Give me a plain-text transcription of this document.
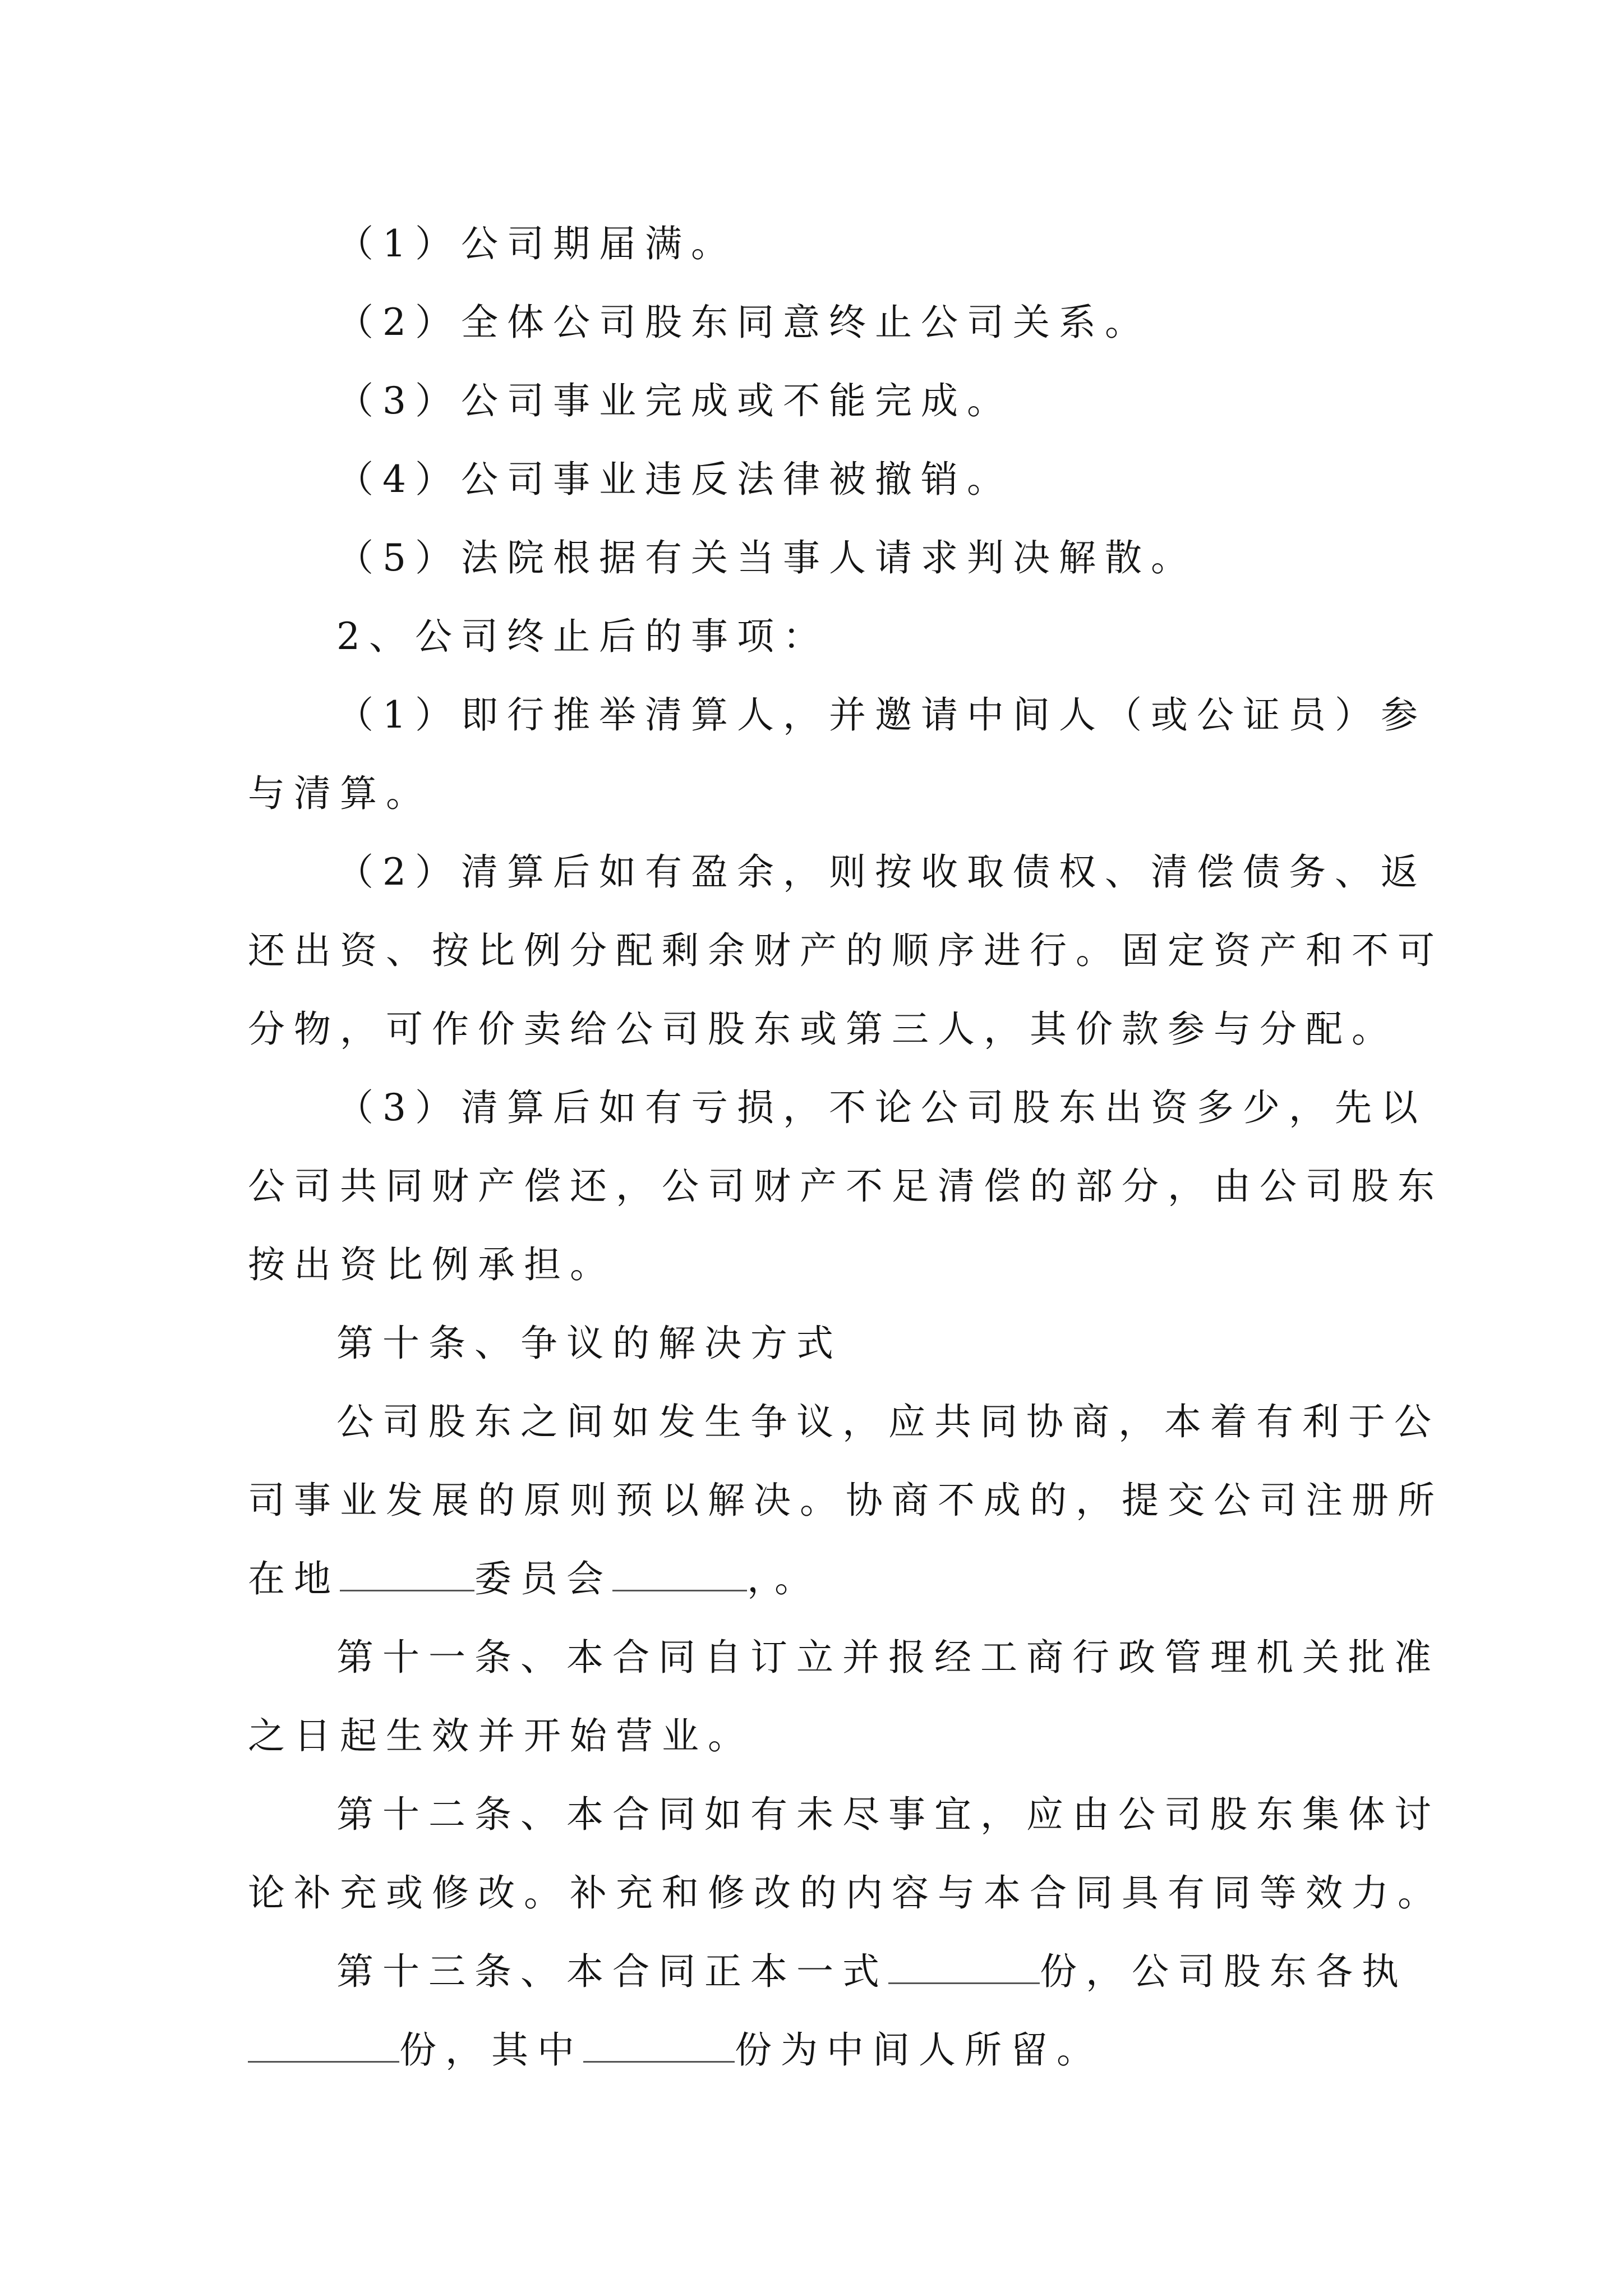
（1）公司期届满。
（2）全体公司股东同意终止公司关系。
（3）公司事业完成或不能完成。
（4）公司事业违反法律被撤销。
（5）法院根据有关当事人请求判决解散。
2、公司终止后的事项：
（1）即行推举清算人，并邀请中间人（或公证员）参
与清算。
（2）清算后如有盈余，则按收取债权、清偿债务、返
还出资、按比例分配剩余财产的顺序进行。固定资产和不可
分物，可作价卖给公司股东或第三人，其价款参与分配。
（3）清算后如有亏损，不论公司股东出资多少，先以
公司共同财产偿还，公司财产不足清偿的部分，由公司股东
按出资比例承担。
第十条、争议的解决方式
公司股东之间如发生争议，应共同协商，本着有利于公
司事业发展的原则预以解决。协商不成的，提交公司注册所
在地	委员会	，。
第十一条、本合同自订立并报经工商行政管理机关批准
之日起生效并开始营业。
第十二条、本合同如有未尽事宜，应由公司股东集体讨
论补充或修改。补充和修改的内容与本合同具有同等效力。
第十三条、本合同正本一式	份，公司股东各执
份，其中	份为中间人所留。
